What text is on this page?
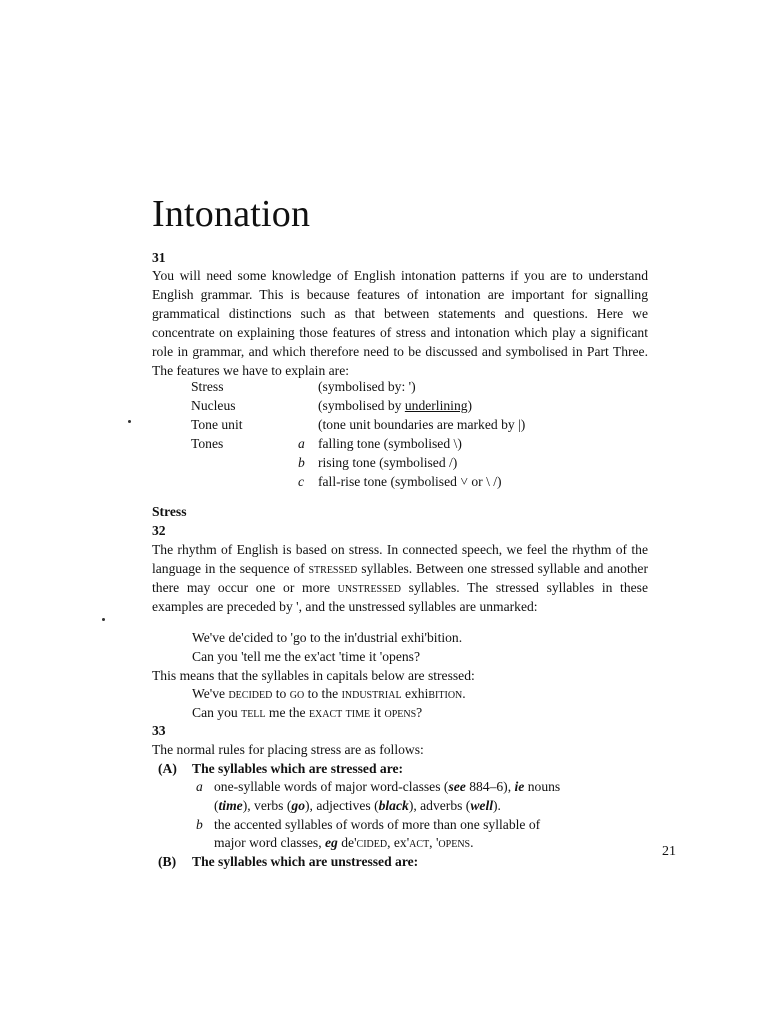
Intonation
31

You will need some knowledge of English intonation patterns if you are to understand English grammar. This is because features of intonation are important for signalling grammatical distinctions such as that between statements and questions. Here we concentrate on explaining those features of stress and intonation which play a significant role in grammar, and which therefore need to be discussed and symbolised in Part Three. The features we have to explain are:

Stress	(symbolised by: ')
Nucleus	(symbolised by underlining)
Tone unit	(tone unit boundaries are marked by |)
Tones	a falling tone (symbolised \)
b rising tone (symbolised /)
c fall-rise tone (symbolised ˅ or \ /)
Stress
32

The rhythm of English is based on stress. In connected speech, we feel the rhythm of the language in the sequence of stressed syllables. Between one stressed syllable and another there may occur one or more unstressed syllables. The stressed syllables in these examples are preceded by ', and the unstressed syllables are unmarked:

We've de'cided to 'go to the in'dustrial exhi'bition.
Can you 'tell me the ex'act 'time it 'opens?
This means that the syllables in capitals below are stressed:
We've decided to go to the industrial exhibition.
Can you tell me the exact time it opens?
33
The normal rules for placing stress are as follows:
(A) The syllables which are stressed are:
a one-syllable words of major word-classes (see 884–6), ie nouns
(time), verbs (go), adjectives (black), adverbs (well).
b the accented syllables of words of more than one syllable of
major word classes, eg de'cided, ex'act, 'opens.
(B) The syllables which are unstressed are:
21
